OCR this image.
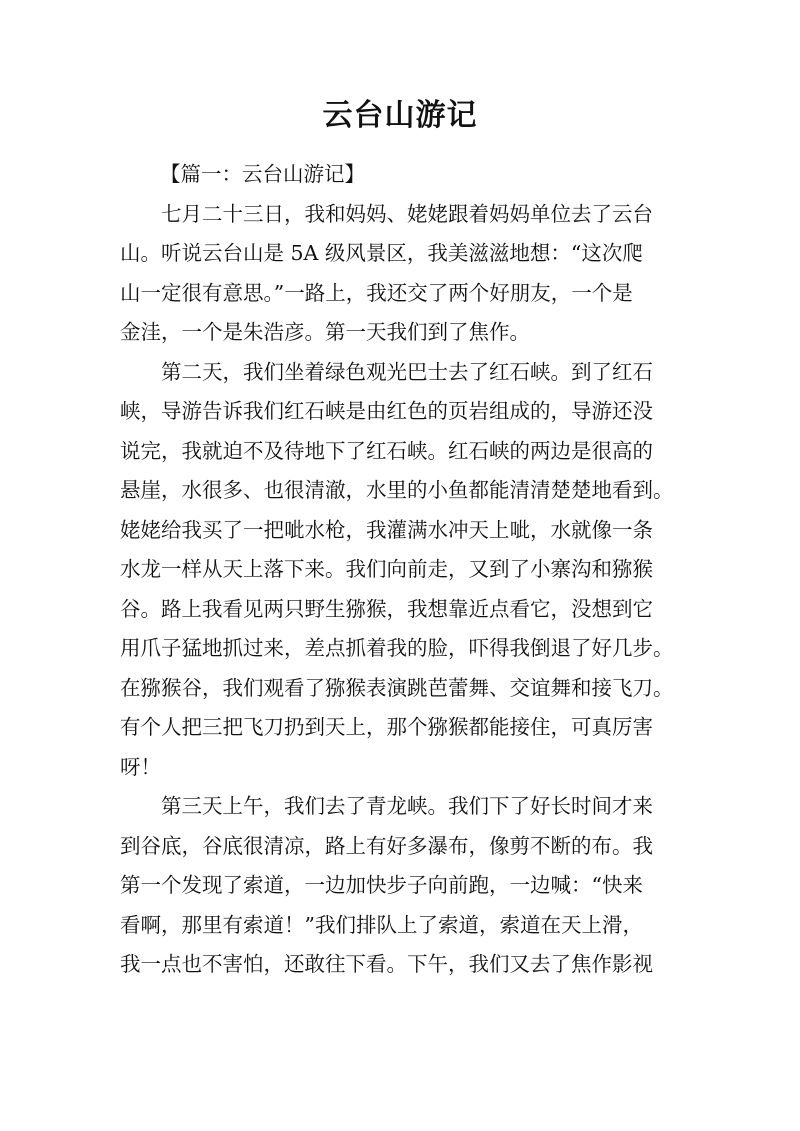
云台山游记

【篇一：云台山游记】

七月二十三日，我和妈妈、姥姥跟着妈妈单位去了云台
山。听说云台山是 5A 级风景区，我美滋滋地想：“这次爬
山一定很有意思。”一路上，我还交了两个好朋友，一个是
金洼，一个是朱浩彦。第一天我们到了焦作。

第二天，我们坐着绿色观光巴士去了红石峡。到了红石
峡，导游告诉我们红石峡是由红色的页岩组成的，导游还没
说完，我就迫不及待地下了红石峡。红石峡的两边是很高的
悬崖，水很多、也很清澈，水里的小鱼都能清清楚楚地看到。
姥姥给我买了一把呲水枪，我灌满水冲天上呲，水就像一条
水龙一样从天上落下来。我们向前走，又到了小寨沟和猕猴
谷。路上我看见两只野生猕猴，我想靠近点看它，没想到它
用爪子猛地抓过来，差点抓着我的脸，吓得我倒退了好几步。
在猕猴谷，我们观看了猕猴表演跳芭蕾舞、交谊舞和接飞刀。
有个人把三把飞刀扔到天上，那个猕猴都能接住，可真厉害
呀！

第三天上午，我们去了青龙峡。我们下了好长时间才来
到谷底，谷底很清凉，路上有好多瀑布，像剪不断的布。我
第一个发现了索道，一边加快步子向前跑，一边喊：“快来
看啊，那里有索道！”我们排队上了索道，索道在天上滑，
我一点也不害怕，还敢往下看。下午，我们又去了焦作影视
